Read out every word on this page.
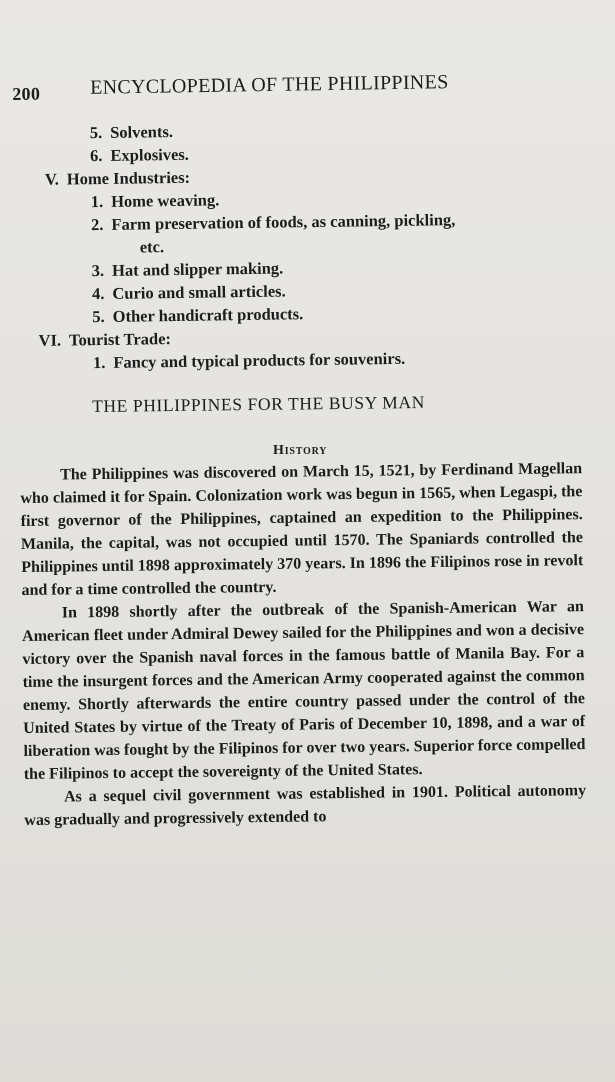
200 ENCYCLOPEDIA OF THE PHILIPPINES
5. Solvents.
6. Explosives.
V. Home Industries:
1. Home weaving.
2. Farm preservation of foods, as canning, pickling,
etc.
3. Hat and slipper making.
4. Curio and small articles.
5. Other handicraft products.
VI. Tourist Trade:
1. Fancy and typical products for souvenirs.
THE PHILIPPINES FOR THE BUSY MAN
History

The Philippines was discovered on March 15, 1521, by Ferdinand Magellan who claimed it for Spain. Colonization work was begun in 1565, when Legaspi, the first governor of the Philippines, captained an expedition to the Philippines. Manila, the capital, was not occupied until 1570. The Spaniards controlled the Philippines until 1898 approximately 370 years. In 1896 the Filipinos rose in revolt and for a time controlled the country.

In 1898 shortly after the outbreak of the Spanish-American War an American fleet under Admiral Dewey sailed for the Philippines and won a decisive victory over the Spanish naval forces in the famous battle of Manila Bay. For a time the insurgent forces and the American Army cooperated against the common enemy. Shortly afterwards the entire country passed under the control of the United States by virtue of the Treaty of Paris of December 10, 1898, and a war of liberation was fought by the Filipinos for over two years. Superior force compelled the Filipinos to accept the sovereignty of the United States.

As a sequel civil government was established in 1901. Political autonomy was gradually and progressively extended to
